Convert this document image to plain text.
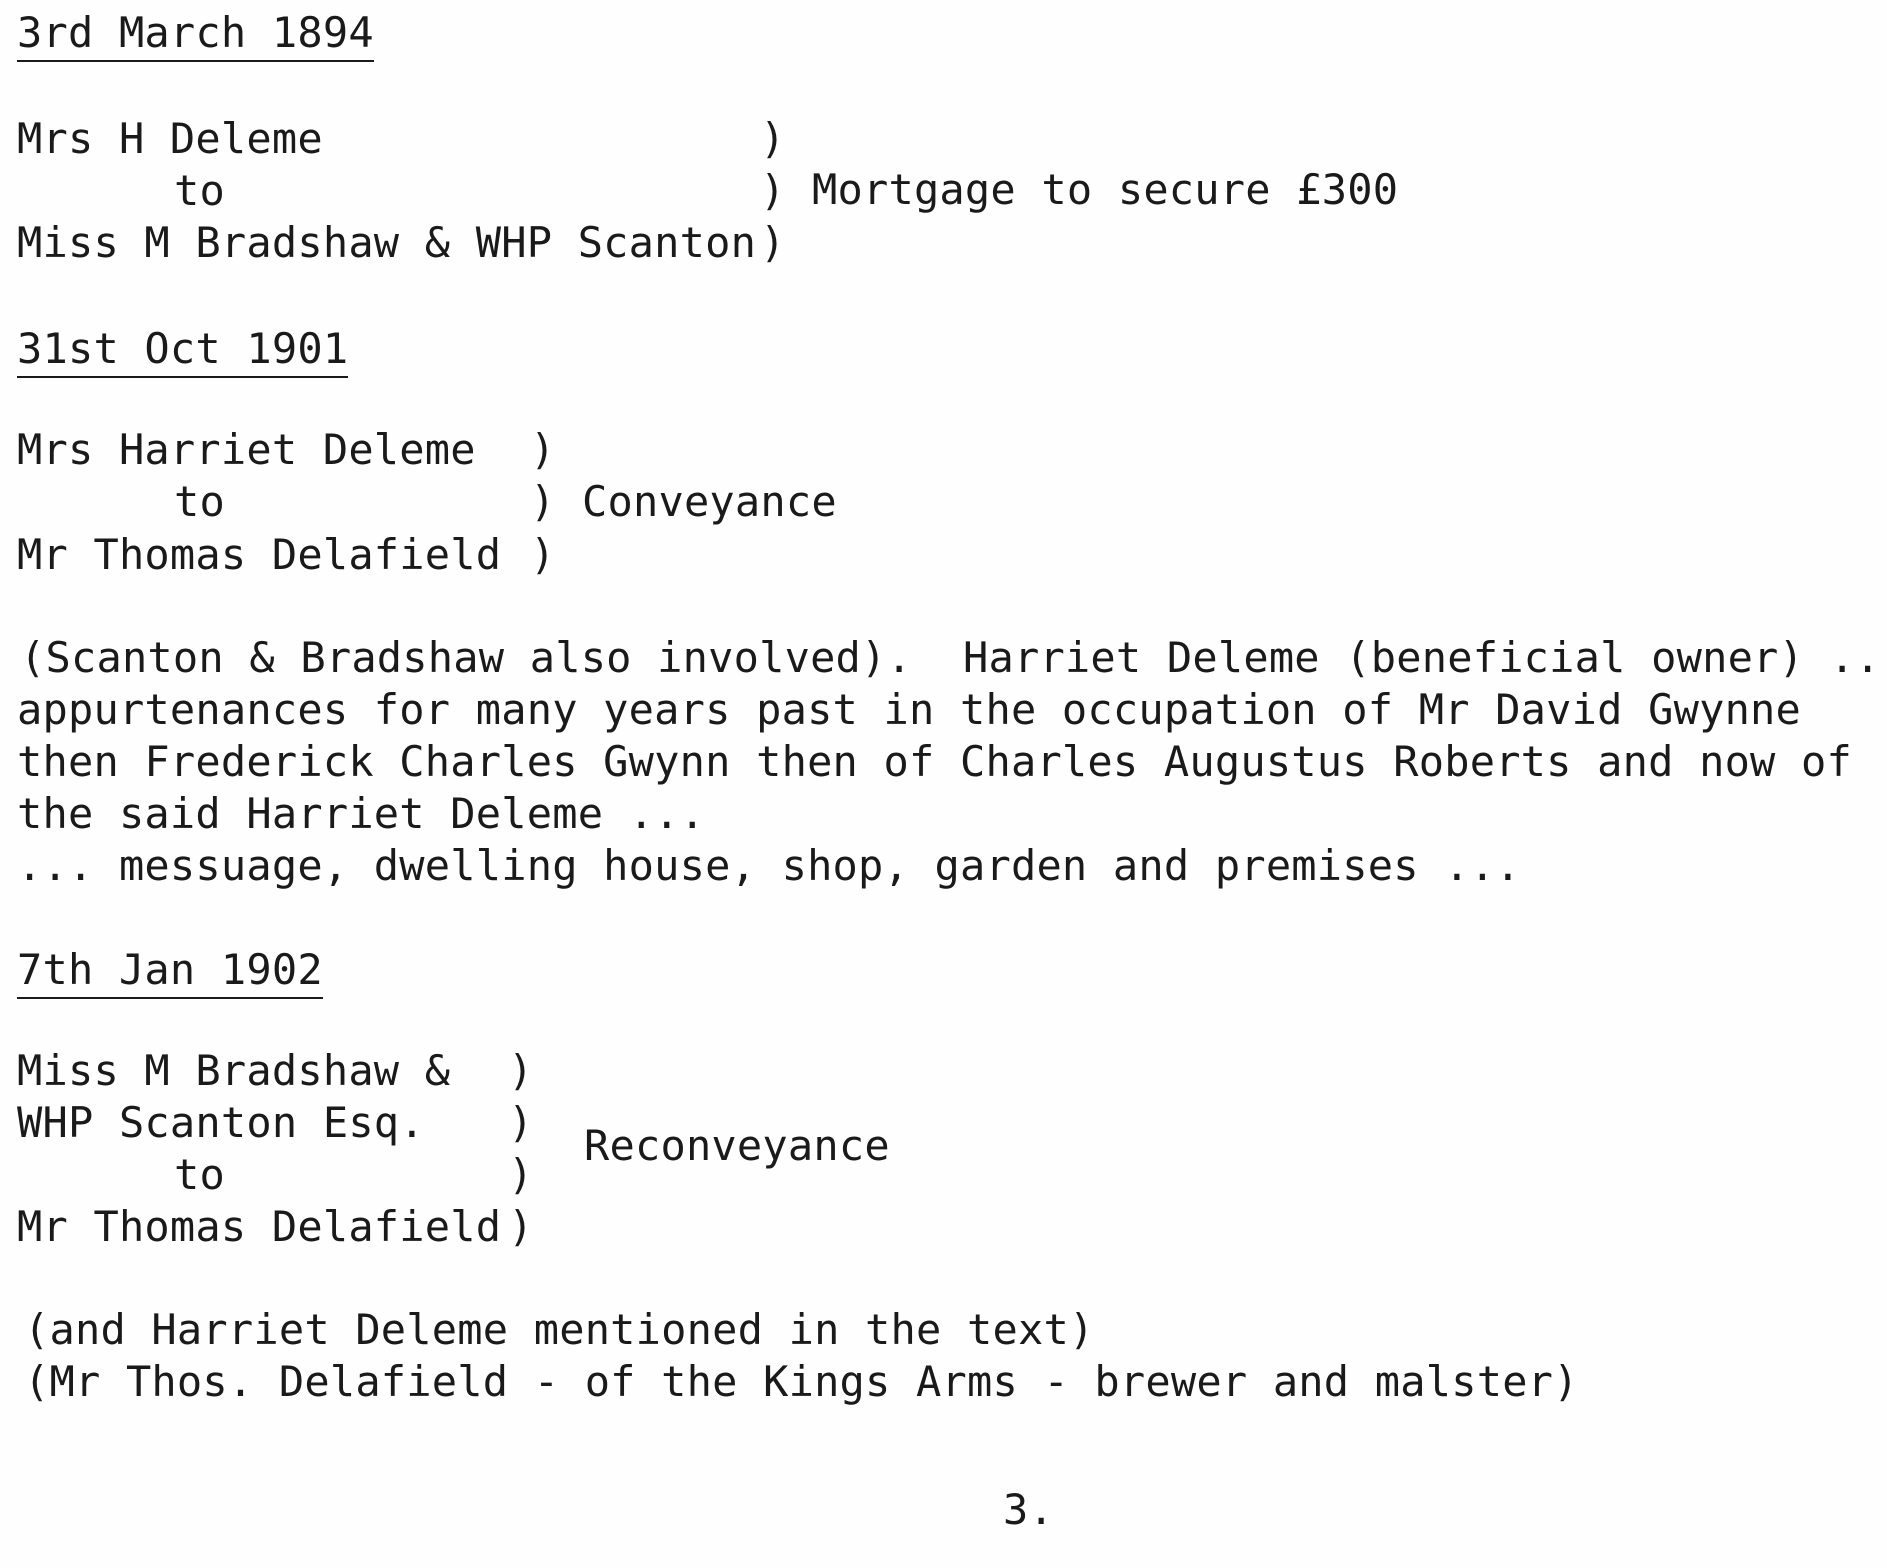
3rd March 1894
Mrs H Deleme
to
Miss M Bradshaw & WHP Scanton
)
)
)
Mortgage to secure £300
31st Oct 1901
Mrs Harriet Deleme
to
Mr Thomas Delafield
)
)
)
Conveyance
(Scanton & Bradshaw also involved).  Harriet Deleme (beneficial owner) ..
appurtenances for many years past in the occupation of Mr David Gwynne
then Frederick Charles Gwynn then of Charles Augustus Roberts and now of
the said Harriet Deleme ...
... messuage, dwelling house, shop, garden and premises ...
7th Jan 1902
Miss M Bradshaw &
WHP Scanton Esq.
to
Mr Thomas Delafield
)
)
)
)
Reconveyance
(and Harriet Deleme mentioned in the text)
(Mr Thos. Delafield - of the Kings Arms - brewer and malster)
3.
